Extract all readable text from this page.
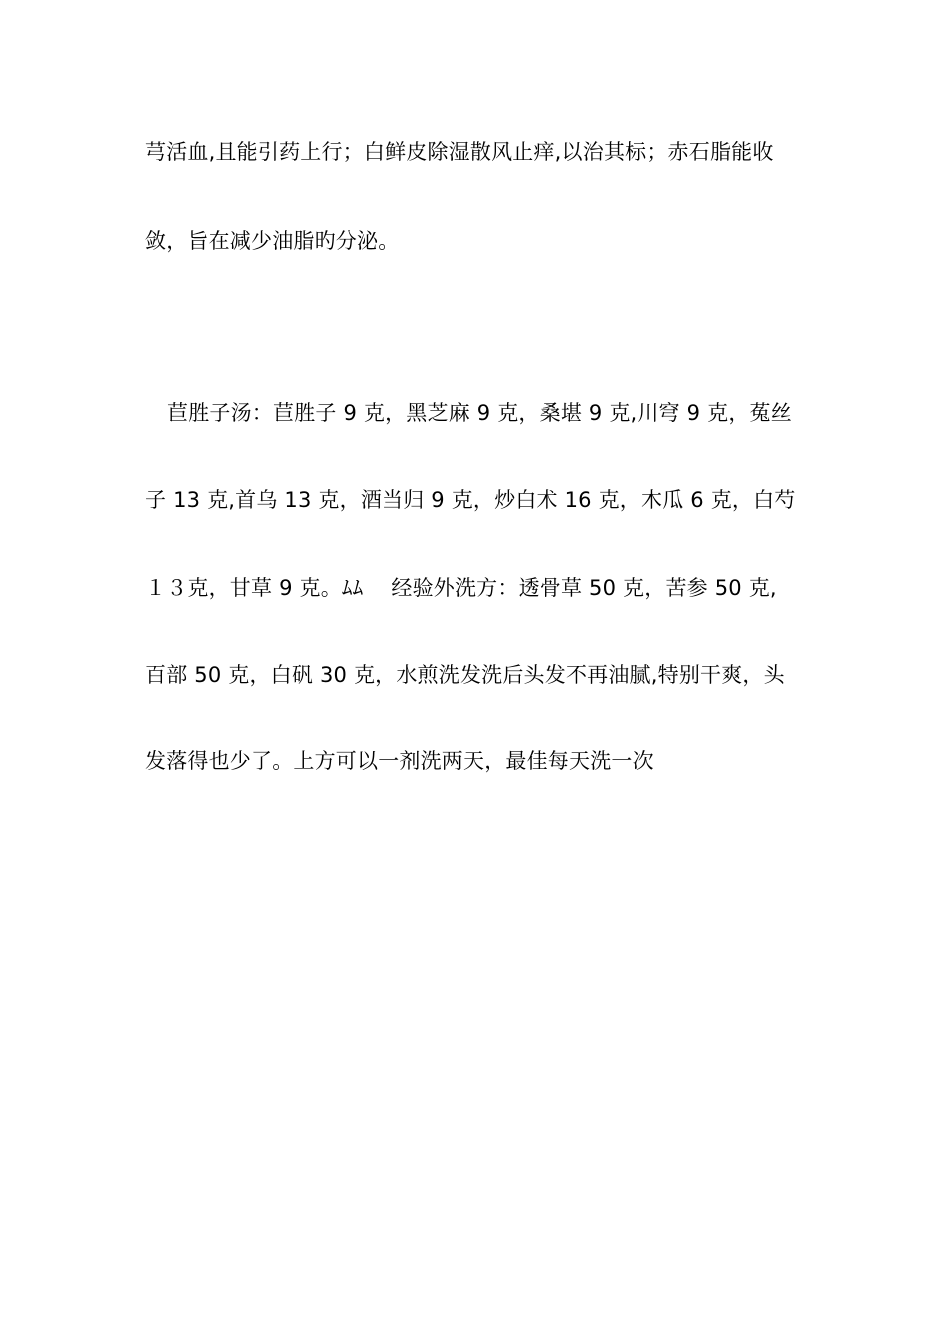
芎活血,且能引药上行；白鲜皮除湿散风止痒,以治其标；赤石脂能收
敛，旨在减少油脂旳分泌。
苣胜子汤：苣胜子 9 克，黑芝麻 9 克，桑堪 9 克,川穹 9 克，菟丝
子 13 克,首乌 13 克，酒当归 9 克，炒白术 16 克，木瓜 6 克，白芍
１３克，甘草 9 克。ﾑﾑ　 经验外洗方：透骨草 50 克，苦参 50 克,
百部 50 克，白矾 30 克，水煎洗发洗后头发不再油腻,特别干爽，头
发落得也少了。上方可以一剂洗两天，最佳每天洗一次
